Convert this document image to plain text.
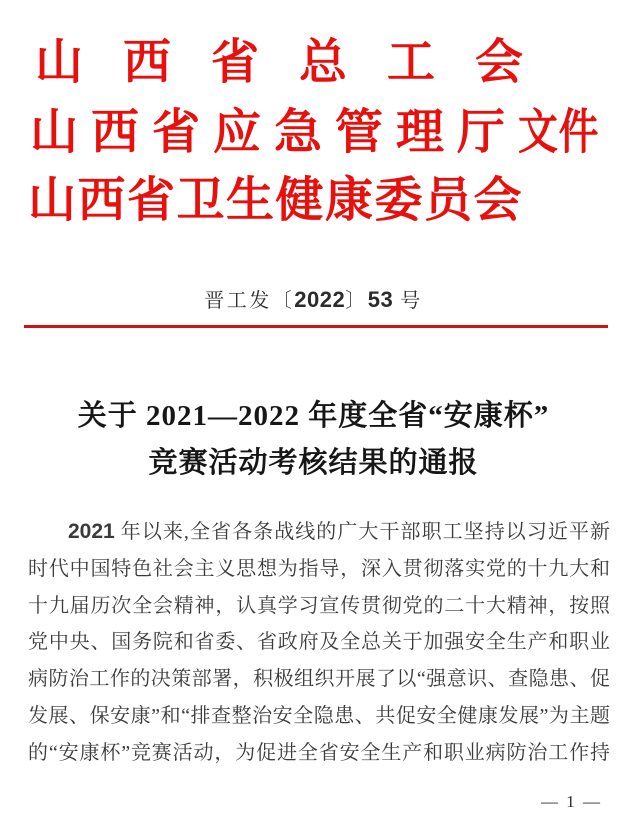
山西省总工会
山西省应急管理厅文件
山西省卫生健康委员会
晋工发〔2022〕53 号
关于 2021—2022 年度全省“安康杯”
竞赛活动考核结果的通报
2021 年以来,全省各条战线的广大干部职工坚持以习近平新
时代中国特色社会主义思想为指导，深入贯彻落实党的十九大和
十九届历次全会精神，认真学习宣传贯彻党的二十大精神，按照
党中央、国务院和省委、省政府及全总关于加强安全生产和职业
病防治工作的决策部署，积极组织开展了以“强意识、查隐患、促
发展、保安康”和“排查整治安全隐患、共促安全健康发展”为主题
的“安康杯”竞赛活动，为促进全省安全生产和职业病防治工作持
— 1 —
